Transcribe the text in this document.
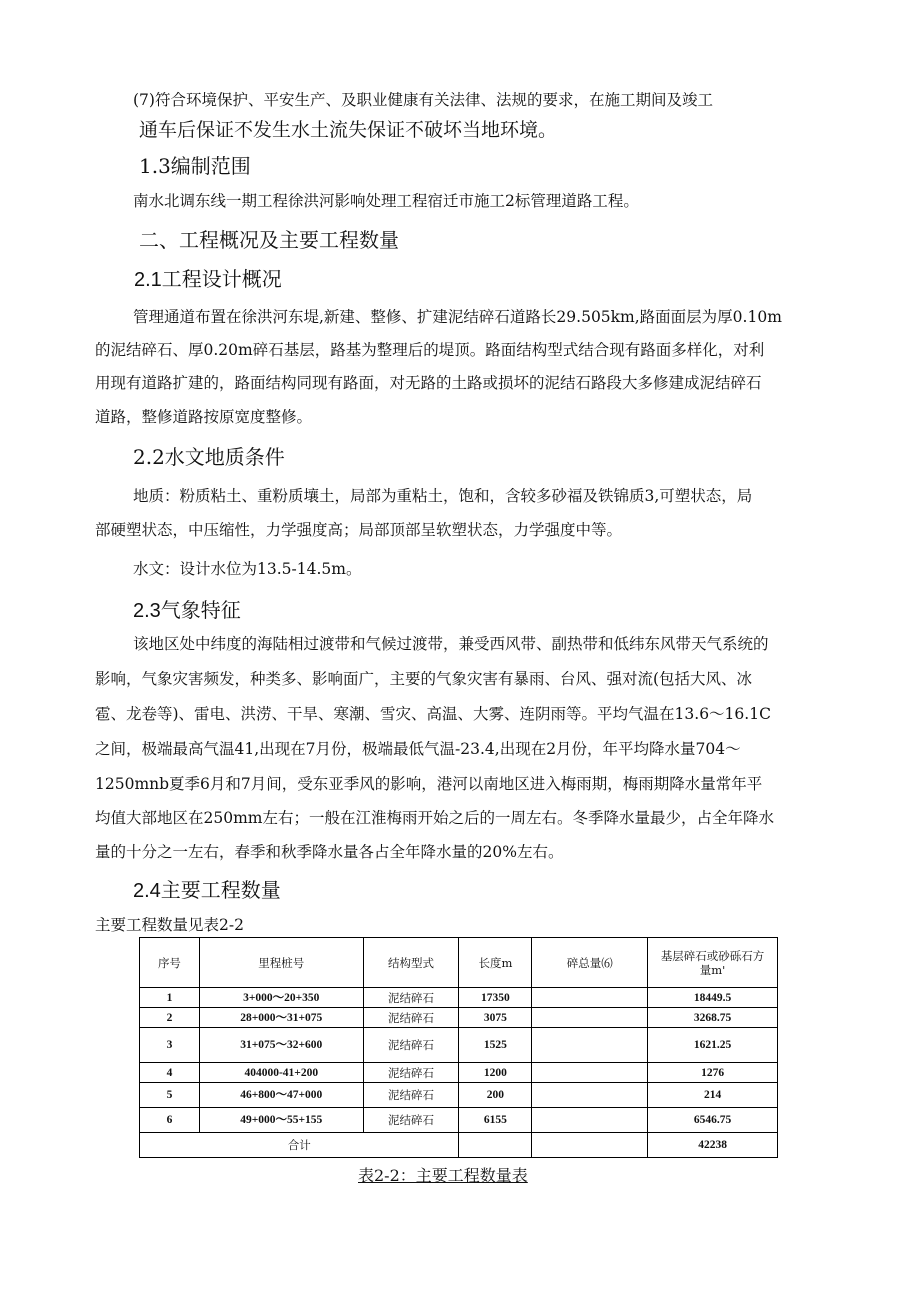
(7)符合环境保护、平安生产、及职业健康有关法律、法规的要求，在施工期间及竣工
通车后保证不发生水土流失保证不破坏当地环境。
1.3编制范围
南水北调东线一期工程徐洪河影响处理工程宿迁市施工2标管理道路工程。
二、工程概况及主要工程数量
2.1工程设计概况
管理通道布置在徐洪河东堤,新建、整修、扩建泥结碎石道路长29.505km,路面面层为厚0.10m
的泥结碎石、厚0.20m碎石基层，路基为整理后的堤顶。路面结构型式结合现有路面多样化，对利
用现有道路扩建的，路面结构同现有路面，对无路的土路或损坏的泥结石路段大多修建成泥结碎石
道路，整修道路按原宽度整修。
2.2水文地质条件
地质：粉质粘土、重粉质壤土，局部为重粘土，饱和，含较多砂福及铁锦质3,可塑状态，局
部硬塑状态，中压缩性，力学强度高；局部顶部呈软塑状态，力学强度中等。
水文：设计水位为13.5-14.5m。
2.3气象特征
该地区处中纬度的海陆相过渡带和气候过渡带，兼受西风带、副热带和低纬东风带天气系统的
影响，气象灾害频发，种类多、影响面广，主要的气象灾害有暴雨、台风、强对流(包括大风、冰
雹、龙卷等)、雷电、洪涝、干旱、寒潮、雪灾、高温、大雾、连阴雨等。平均气温在13.6～16.1C
之间，极端最高气温41,出现在7月份，极端最低气温-23.4,出现在2月份，年平均降水量704～
1250mnb夏季6月和7月间，受东亚季风的影响，港河以南地区进入梅雨期，梅雨期降水量常年平
均值大部地区在250mm左右；一般在江淮梅雨开始之后的一周左右。冬季降水量最少，占全年降水
量的十分之一左右，春季和秋季降水量各占全年降水量的20%左右。
2.4主要工程数量
主要工程数量见表2-2
序号	里程桩号	结构型式	长度m	碎总量⑹	基层碎石或砂砾石方
量m'

1	3+000～20+350	泥结碎石	17350		18449.5
2	28+000～31+075	泥结碎石	3075		3268.75
3	31+075～32+600	泥结碎石	1525		1621.25
4	404000-41+200	泥结碎石	1200		1276
5	46+800～47+000	泥结碎石	200		214
6	49+000～55+155	泥结碎石	6155		6546.75
合计					42238
表2-2：主要工程数量表
